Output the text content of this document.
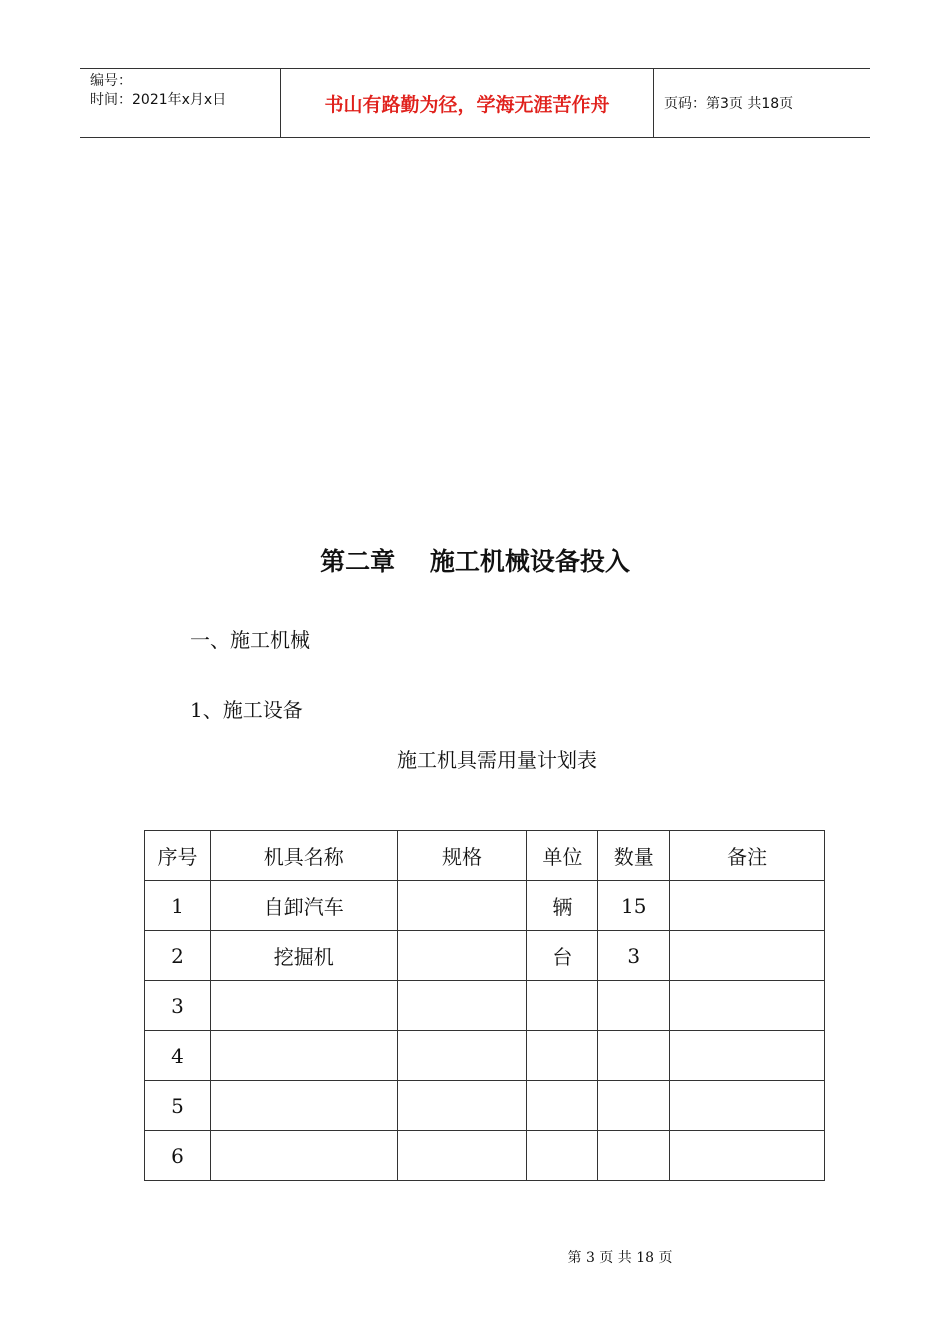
编号：
时间：2021年x月x日	书山有路勤为径，学海无涯苦作舟	页码：第3页 共18页
第二章    施工机械设备投入
一、施工机械
1、施工设备
施工机具需用量计划表
序号	机具名称	规格	单位	数量	备注
1	自卸汽车		辆	15	
2	挖掘机		台	3	
3					
4					
5					
6					
第 3 页 共 18 页
